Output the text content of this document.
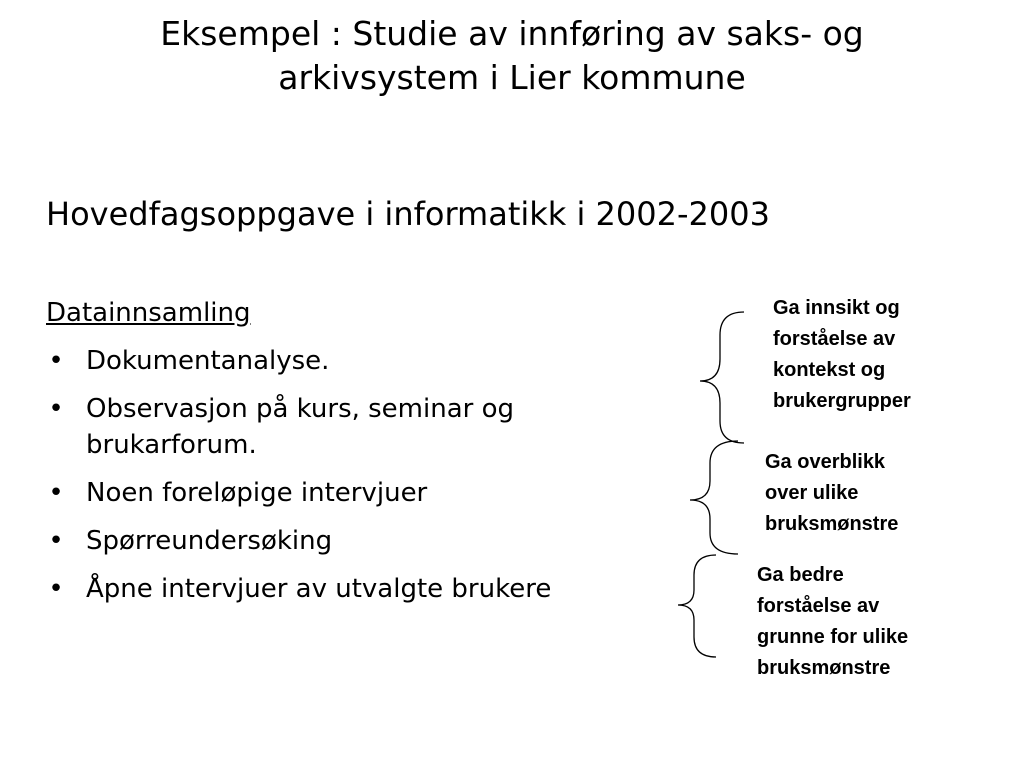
Eksempel : Studie av innføring av saks- og
arkivsystem i Lier kommune
Hovedfagsoppgave i informatikk i 2002-2003
Datainnsamling
• Dokumentanalyse.
• Observasjon på kurs, seminar og brukarforum.
• Noen foreløpige intervjuer
• Spørreundersøking
• Åpne intervjuer av utvalgte brukere
Ga innsikt og
forståelse av
kontekst og
brukergrupper
Ga overblikk
over ulike
bruksmønstre
Ga bedre
forståelse av
grunne for ulike
bruksmønstre
